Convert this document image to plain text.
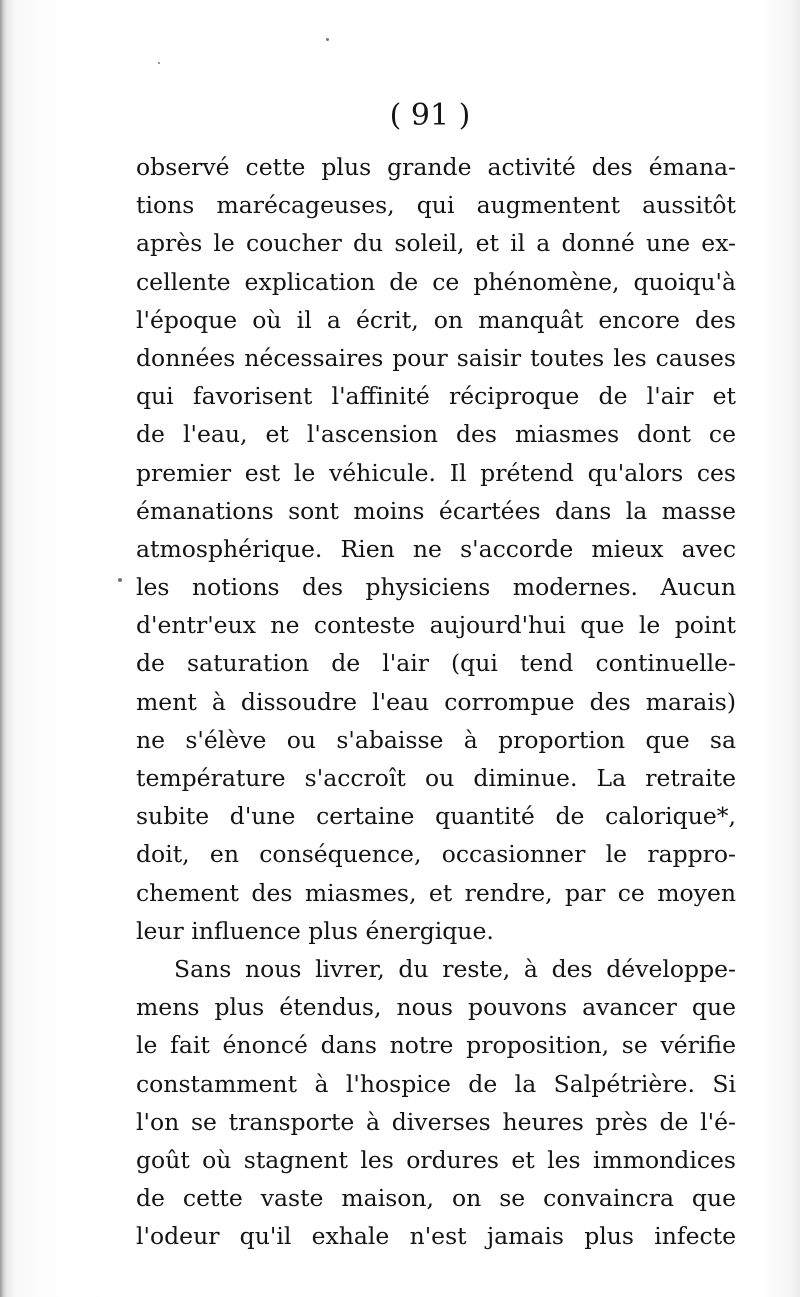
( 91 )
observé cette plus grande activité des émana-
tions marécageuses, qui augmentent aussitôt
après le coucher du soleil, et il a donné une ex-
cellente explication de ce phénomène, quoiqu'à
l'époque où il a écrit, on manquât encore des
données nécessaires pour saisir toutes les causes
qui favorisent l'affinité réciproque de l'air et
de l'eau, et l'ascension des miasmes dont ce
premier est le véhicule. Il prétend qu'alors ces
émanations sont moins écartées dans la masse
atmosphérique. Rien ne s'accorde mieux avec
les notions des physiciens modernes. Aucun
d'entr'eux ne conteste aujourd'hui que le point
de saturation de l'air (qui tend continuelle-
ment à dissoudre l'eau corrompue des marais)
ne s'élève ou s'abaisse à proportion que sa
température s'accroît ou diminue. La retraite
subite d'une certaine quantité de calorique*,
doit, en conséquence, occasionner le rappro-
chement des miasmes, et rendre, par ce moyen
leur influence plus énergique.
Sans nous livrer, du reste, à des développe-
mens plus étendus, nous pouvons avancer que
le fait énoncé dans notre proposition, se vérifie
constamment à l'hospice de la Salpétrière. Si
l'on se transporte à diverses heures près de l'é-
goût où stagnent les ordures et les immondices
de cette vaste maison, on se convaincra que
l'odeur qu'il exhale n'est jamais plus infecte
